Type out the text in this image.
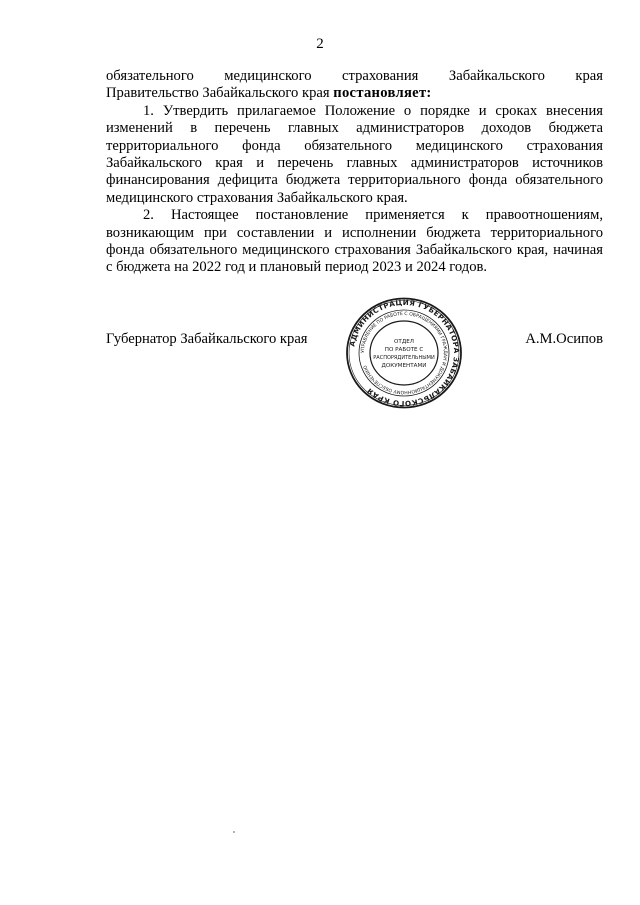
2

обязательного медицинского страхования Забайкальского края

Правительство Забайкальского края постановляет:

1. Утвердить прилагаемое Положение о порядке и сроках внесения изменений в перечень главных администраторов доходов бюджета территориального фонда обязательного медицинского страхования Забайкальского края и перечень главных администраторов источников финансирования дефицита бюджета территориального фонда обязательного медицинского страхования Забайкальского края.

2. Настоящее постановление применяется к правоотношениям, возникающим при составлении и исполнении бюджета территориального фонда обязательного медицинского страхования Забайкальского края, начиная с бюджета на 2022 год и плановый период 2023 и 2024 годов.

Губернатор Забайкальского края	А.М.Осипов
АДМИНИСТРАЦИЯ ГУБЕРНАТОРА ЗАБАЙКАЛЬСКОГО КРАЯ
УПРАВЛЕНИЕ ПО РАБОТЕ С ОБРАЩЕНИЯМИ ГРАЖДАН И ДОКУМЕНТАЦИОННОМУ ОБЕСПЕЧЕНИЮ
ОТДЕЛ
ПО РАБОТЕ С
РАСПОРЯДИТЕЛЬНЫМИ
ДОКУМЕНТАМИ
